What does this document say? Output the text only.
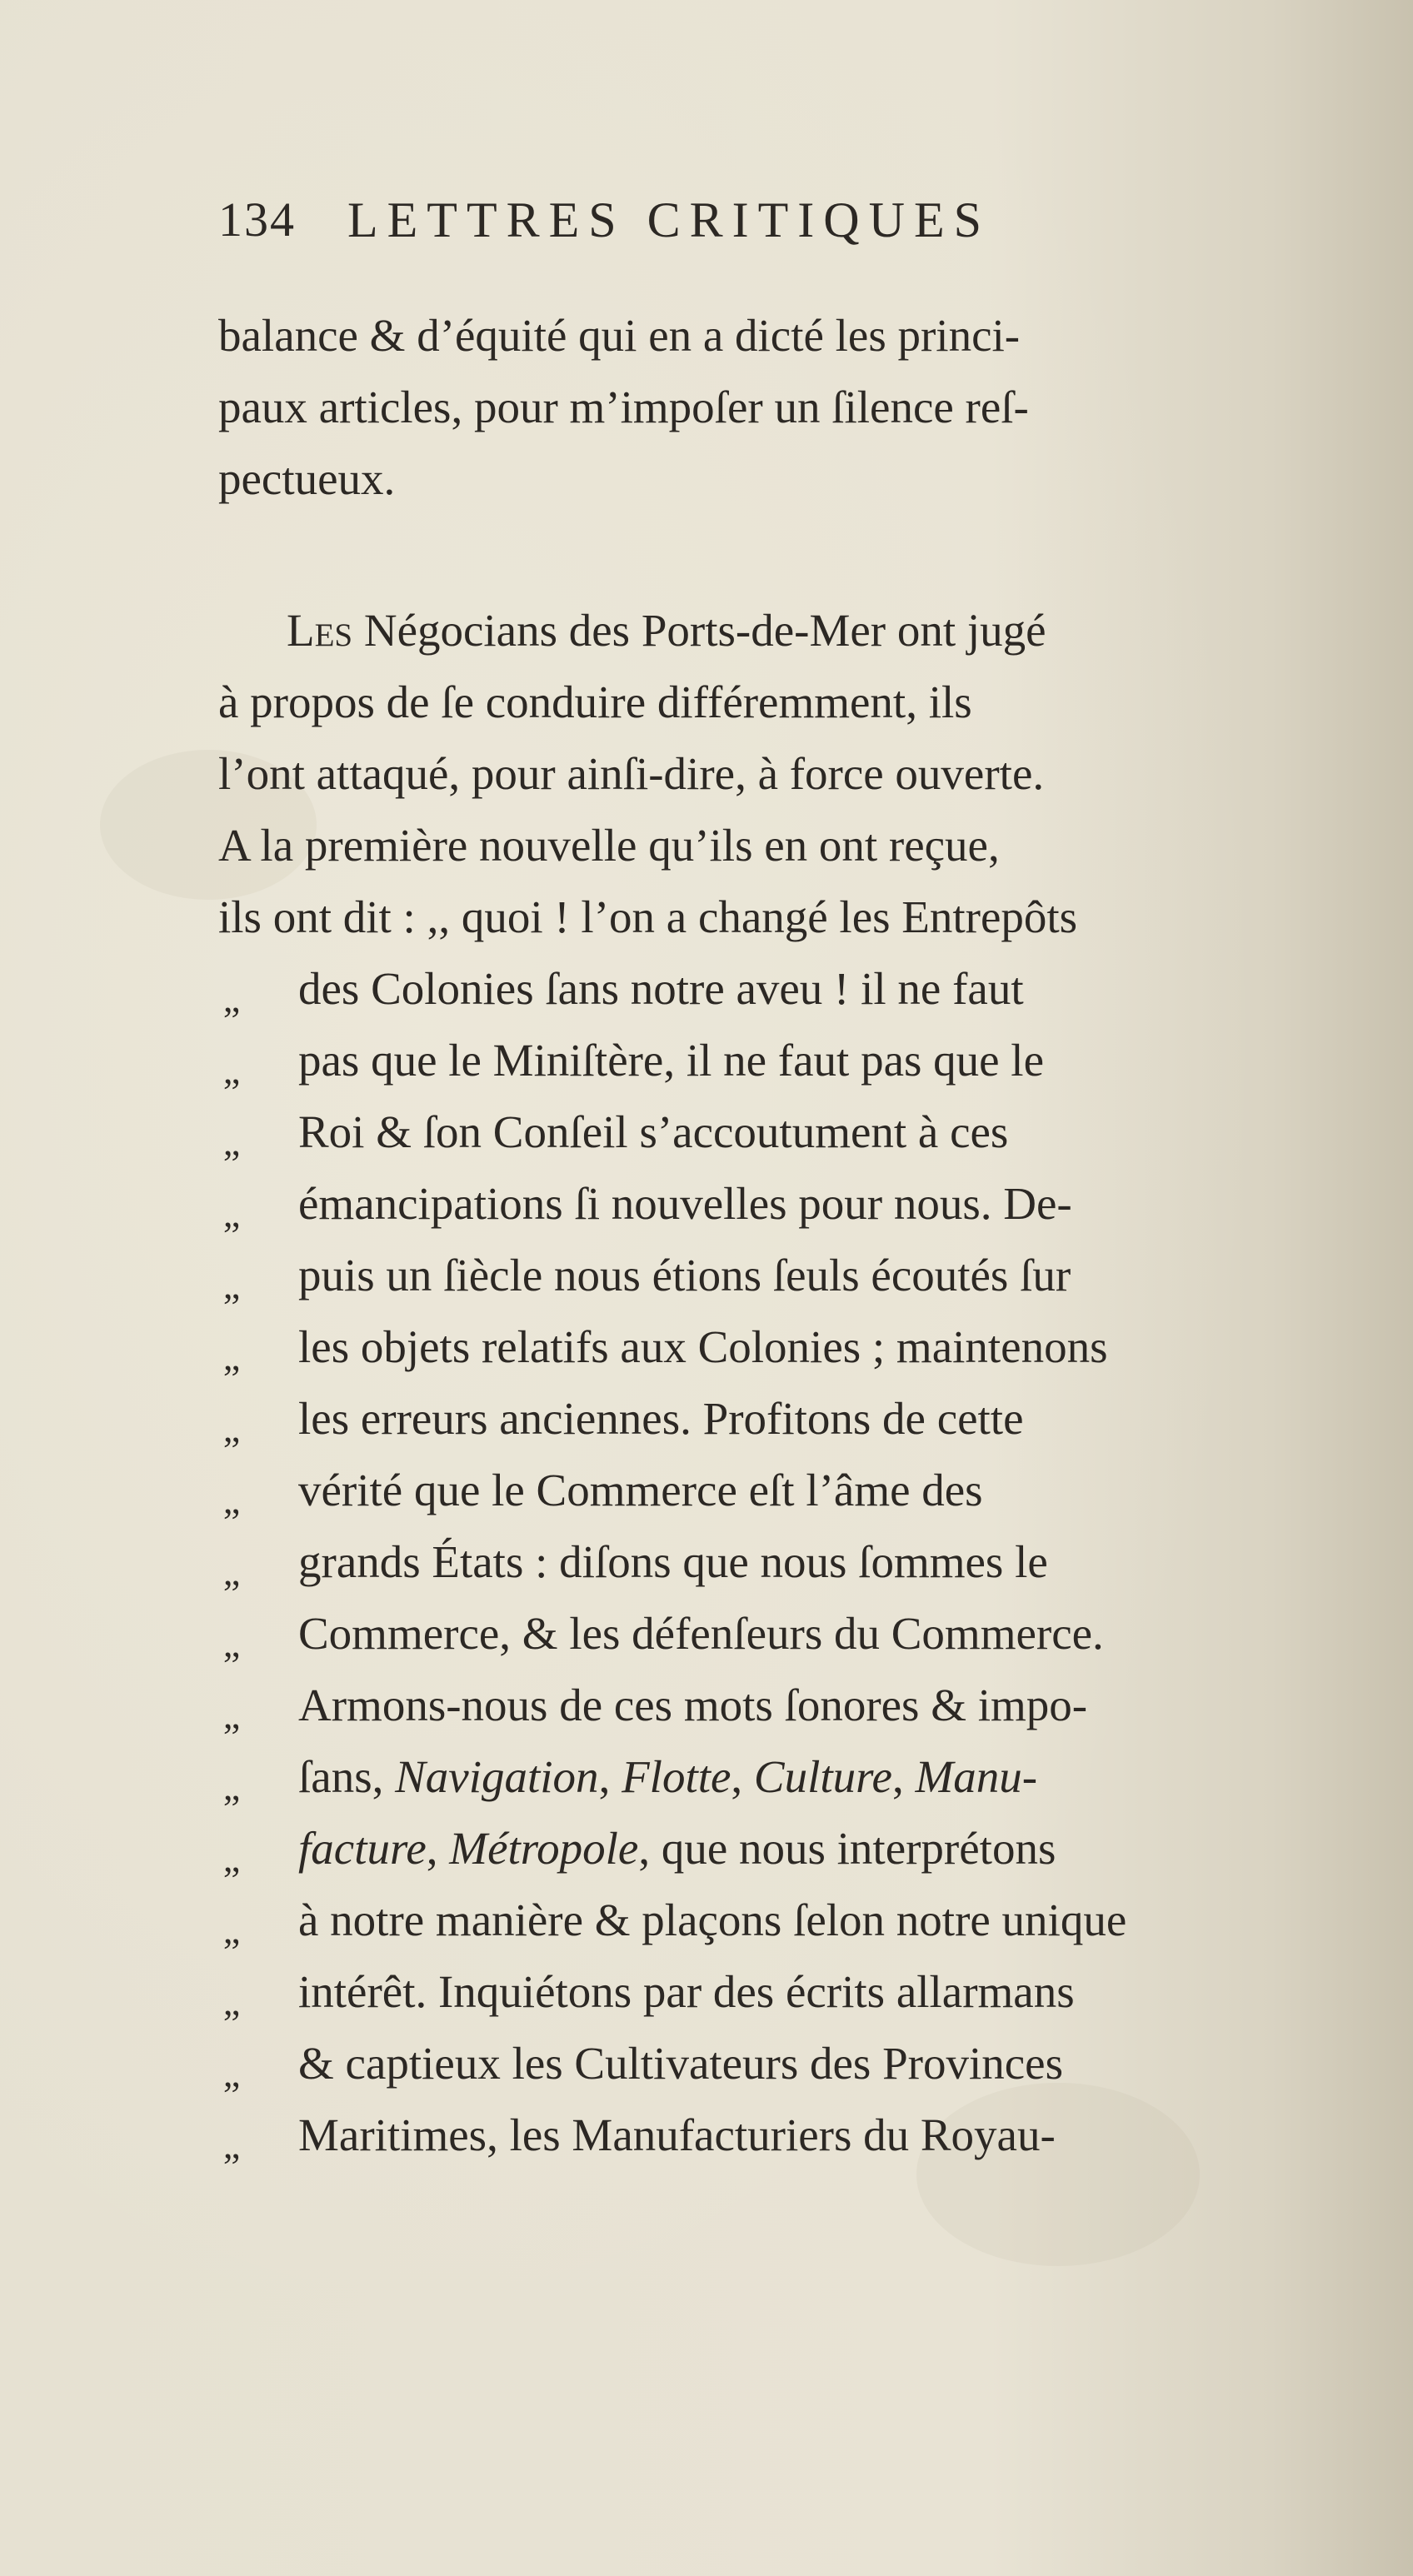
134 LETTRES CRITIQUES
balance & d’équité qui en a dicté les princi-
paux articles, pour m’impoſer un ſilence reſ-
pectueux.
Les Négocians des Ports-de-Mer ont jugé
à propos de ſe conduire différemment, ils
l’ont attaqué, pour ainſi-dire, à force ouverte.
A la première nouvelle qu’ils en ont reçue,
ils ont dit : ,, quoi ! l’on a changé les Entrepôts
,, des Colonies ſans notre aveu ! il ne faut
,, pas que le Miniſtère, il ne faut pas que le
,, Roi & ſon Conſeil s’accoutument à ces
,, émancipations ſi nouvelles pour nous. De-
,, puis un ſiècle nous étions ſeuls écoutés ſur
,, les objets relatifs aux Colonies ; maintenons
,, les erreurs anciennes. Profitons de cette
,, vérité que le Commerce eſt l’âme des
,, grands États : diſons que nous ſommes le
,, Commerce, & les défenſeurs du Commerce.
,, Armons-nous de ces mots ſonores & impo-
,, ſans, Navigation, Flotte, Culture, Manu-
,, facture, Métropole, que nous interprétons
,, à notre manière & plaçons ſelon notre unique
,, intérêt. Inquiétons par des écrits allarmans
,, & captieux les Cultivateurs des Provinces
,, Maritimes, les Manufacturiers du Royau-
